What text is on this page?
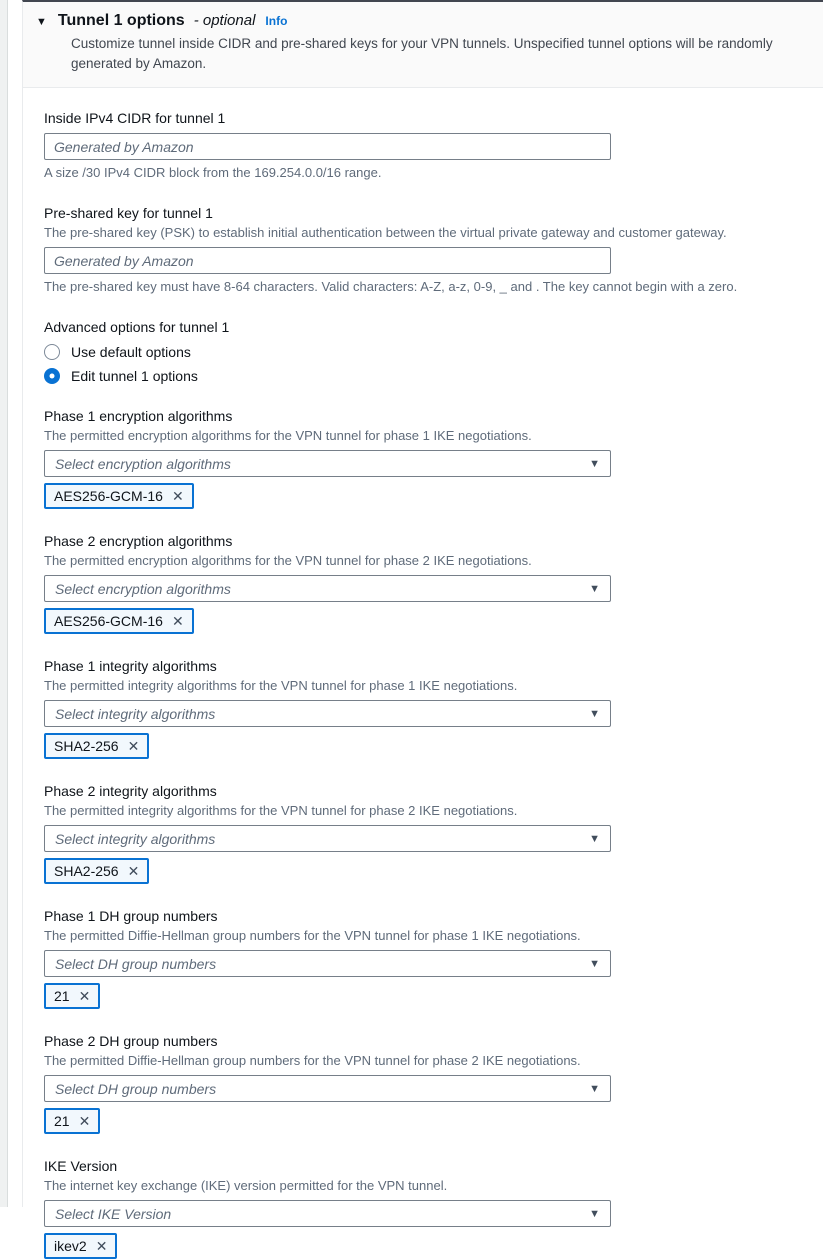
▼ Tunnel 1 options - optional Info
Customize tunnel inside CIDR and pre-shared keys for your VPN tunnels. Unspecified tunnel options will be randomly generated by Amazon.
Inside IPv4 CIDR for tunnel 1
Generated by Amazon
A size /30 IPv4 CIDR block from the 169.254.0.0/16 range.
Pre-shared key for tunnel 1
The pre-shared key (PSK) to establish initial authentication between the virtual private gateway and customer gateway.
Generated by Amazon
The pre-shared key must have 8-64 characters. Valid characters: A-Z, a-z, 0-9, _ and . The key cannot begin with a zero.
Advanced options for tunnel 1
Use default options
Edit tunnel 1 options
Phase 1 encryption algorithms
The permitted encryption algorithms for the VPN tunnel for phase 1 IKE negotiations.
Select encryption algorithms	▼
AES256-GCM-16 ✕
Phase 2 encryption algorithms
The permitted encryption algorithms for the VPN tunnel for phase 2 IKE negotiations.
Select encryption algorithms	▼
AES256-GCM-16 ✕
Phase 1 integrity algorithms
The permitted integrity algorithms for the VPN tunnel for phase 1 IKE negotiations.
Select integrity algorithms	▼
SHA2-256 ✕
Phase 2 integrity algorithms
The permitted integrity algorithms for the VPN tunnel for phase 2 IKE negotiations.
Select integrity algorithms	▼
SHA2-256 ✕
Phase 1 DH group numbers
The permitted Diffie-Hellman group numbers for the VPN tunnel for phase 1 IKE negotiations.
Select DH group numbers	▼
21 ✕
Phase 2 DH group numbers
The permitted Diffie-Hellman group numbers for the VPN tunnel for phase 2 IKE negotiations.
Select DH group numbers	▼
21 ✕
IKE Version
The internet key exchange (IKE) version permitted for the VPN tunnel.
Select IKE Version	▼
ikev2 ✕
